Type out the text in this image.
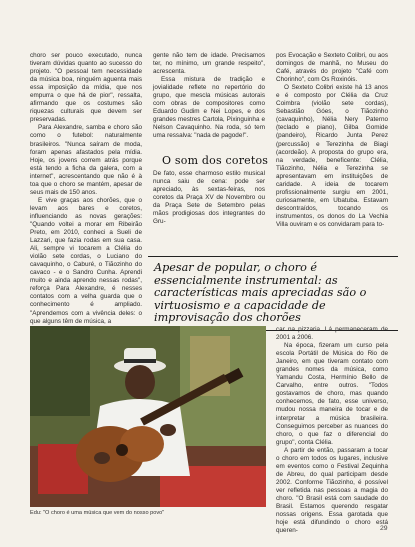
choro ser pouco executado, nunca tiveram dúvidas quanto ao sucesso do projeto. "O pessoal tem necessidade da música boa, ninguém aguenta mais essa imposição da mídia, que nos empurra o que há de pior", ressalta, afirmando que os costumes são riquezas culturais que devem ser preservadas.

Para Alexandre, samba e choro são como o futebol: naturalmente brasileiros. "Nunca saíram de moda, foram apenas afastados pela mídia. Hoje, os jovens correm atrás porque está tendo a ficha da galera, com a internet", acrescentando que não é à toa que o choro se mantém, apesar de seus mais de 150 anos.

E vive graças aos chorões, que o levam aos bares e coretos, influenciando as novas gerações: "Quando voltei a morar em Ribeirão Preto, em 2010, conheci a Sueli de Lazzari, que fazia rodas em sua casa. Ali, sempre vi tocarem a Clélia do violão sete cordas, o Luciano do cavaquinho, o Caburé, o Tiãozinho do cavaco - e o Sandro Cunha. Aprendi muito e ainda aprendo nessas rodas", reforça Para Alexandre, é nesses contatos com a velha guarda que o conhecimento é ampliado. "Aprendemos com a vivência deles: o que alguns têm de música, a

gente não tem de idade. Precisamos ter, no mínimo, um grande respeito", acrescenta.

Essa mistura de tradição e jovialidade reflete no repertório do grupo, que mescla músicas autorais com obras de compositores como Eduardo Gudim e Nei Lopes, e dos grandes mestres Cartola, Pixinguinha e Nelson Cavaquinho. Na roda, só tem uma ressalva: "nada de pagode!".

O som dos coretos

De fato, esse charmoso estilo musical nunca saiu de cena: pode ser apreciado, às sextas-feiras, nos coretos da Praça XV de Novembro ou da Praça Sete de Setembro pelas mãos prodigiosas dos integrantes do Gru-

pos Evocação e Sexteto Colibri, ou aos domingos de manhã, no Museu do Café, através do projeto "Café com Chorinho", com Os Roxinóis.

O Sexteto Colibri existe há 13 anos e é composto por Clélia da Cruz Coimbra (violão sete cordas), Sebastião Góes, o Tiãozinho (cavaquinho), Nélia Nery Paterno (teclado e piano), Gilba Gomide (pandeiro), Ricardo Junta Perez (percussão) e Terezinha de Biagi (acordeão). A proposta do grupo era, na verdade, beneficente: Clélia, Tiãozinho, Nélia e Terezinha se apresentavam em instituições de caridade. A ideia de tocarem profissionalmente surgiu em 2001, curiosamente, em Ubatuba. Estavam descontraídos, tocando os instrumentos, os donos do La Vechia Villa ouviram e os convidaram para to-

Apesar de popular, o choro é essencialmente instrumental: as características mais apreciadas são o virtuosismo e a capacidade de improvisação dos chorões
Edu: "O choro é uma música que vem do nosso povo"

car na pizzaria. Lá permaneceram de 2001 a 2006.

Na época, fizeram um curso pela escola Portátil de Música do Rio de Janeiro, em que tiveram contato com grandes nomes da música, como Yamandu Costa, Hermínio Bello de Carvalho, entre outros. "Todos gostavamos de choro, mas quando conhecemos, de fato, esse universo, mudou nossa maneira de tocar e de interpretar a música brasileira. Conseguimos perceber as nuances do choro, o que faz o diferencial do grupo", conta Clélia.

A partir de então, passaram a tocar o choro em todos os lugares, inclusive em eventos como o Festival Zequinha de Abreu, do qual participam desde 2002. Conforme Tiãozinho, é possível ver refletida nas pessoas a magia do choro. "O Brasil está com saudade do Brasil. Estamos querendo resgatar nossas origens. Essa garotada que hoje está difundindo o choro está queren-	29
